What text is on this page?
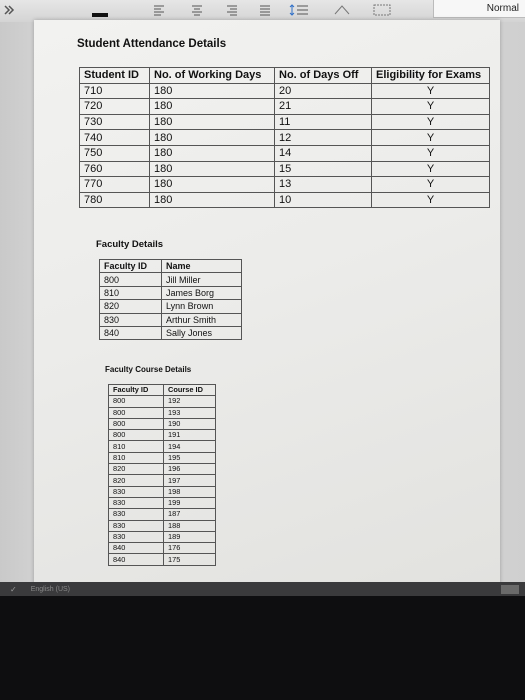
Normal
Student Attendance Details
Student ID	No. of Working Days	No. of Days Off	Eligibility for Exams
710	180	20	Y
720	180	21	Y
730	180	11	Y
740	180	12	Y
750	180	14	Y
760	180	15	Y
770	180	13	Y
780	180	10	Y
Faculty Details
Faculty ID	Name
800	Jill Miller
810	James Borg
820	Lynn Brown
830	Arthur Smith
840	Sally Jones
Faculty Course Details
Faculty ID	Course ID
800	192
800	193
800	190
800	191
810	194
810	195
820	196
820	197
830	198
830	199
830	187
830	188
830	189
840	176
840	175
✓ English (US)
